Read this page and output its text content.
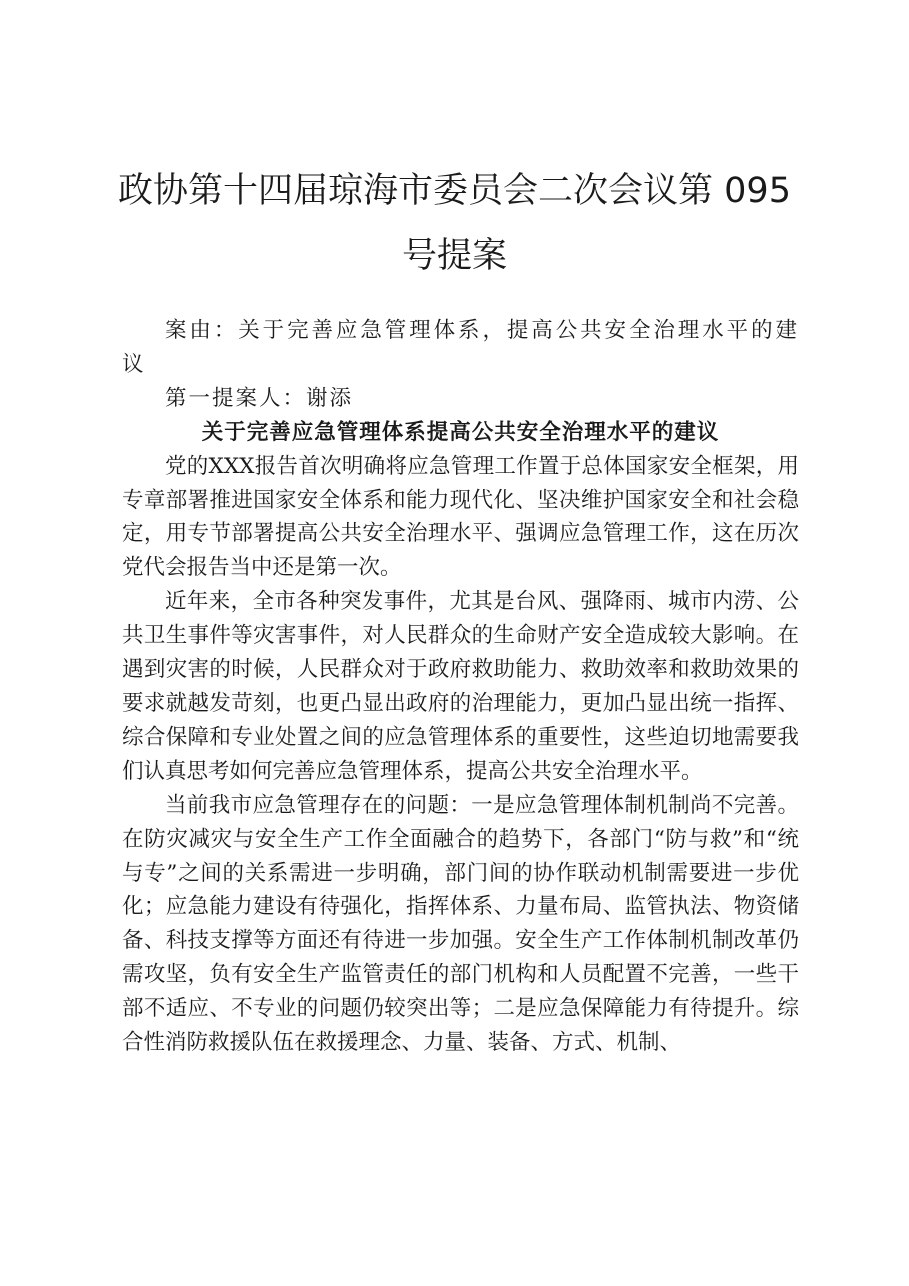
政协第十四届琼海市委员会二次会议第 095
号提案

案由：关于完善应急管理体系，提高公共安全治理水平的建议

第一提案人：谢添

关于完善应急管理体系提高公共安全治理水平的建议

党的XXX报告首次明确将应急管理工作置于总体国家安全框架，用专章部署推进国家安全体系和能力现代化、坚决维护国家安全和社会稳定，用专节部署提高公共安全治理水平、强调应急管理工作，这在历次党代会报告当中还是第一次。

近年来，全市各种突发事件，尤其是台风、强降雨、城市内涝、公共卫生事件等灾害事件，对人民群众的生命财产安全造成较大影响。在遇到灾害的时候，人民群众对于政府救助能力、救助效率和救助效果的要求就越发苛刻，也更凸显出政府的治理能力，更加凸显出统一指挥、综合保障和专业处置之间的应急管理体系的重要性，这些迫切地需要我们认真思考如何完善应急管理体系，提高公共安全治理水平。

当前我市应急管理存在的问题：一是应急管理体制机制尚不完善。在防灾减灾与安全生产工作全面融合的趋势下，各部门“防与救”和“统与专”之间的关系需进一步明确，部门间的协作联动机制需要进一步优化；应急能力建设有待强化，指挥体系、力量布局、监管执法、物资储备、科技支撑等方面还有待进一步加强。安全生产工作体制机制改革仍需攻坚，负有安全生产监管责任的部门机构和人员配置不完善，一些干部不适应、不专业的问题仍较突出等；二是应急保障能力有待提升。综合性消防救援队伍在救援理念、力量、装备、方式、机制、
